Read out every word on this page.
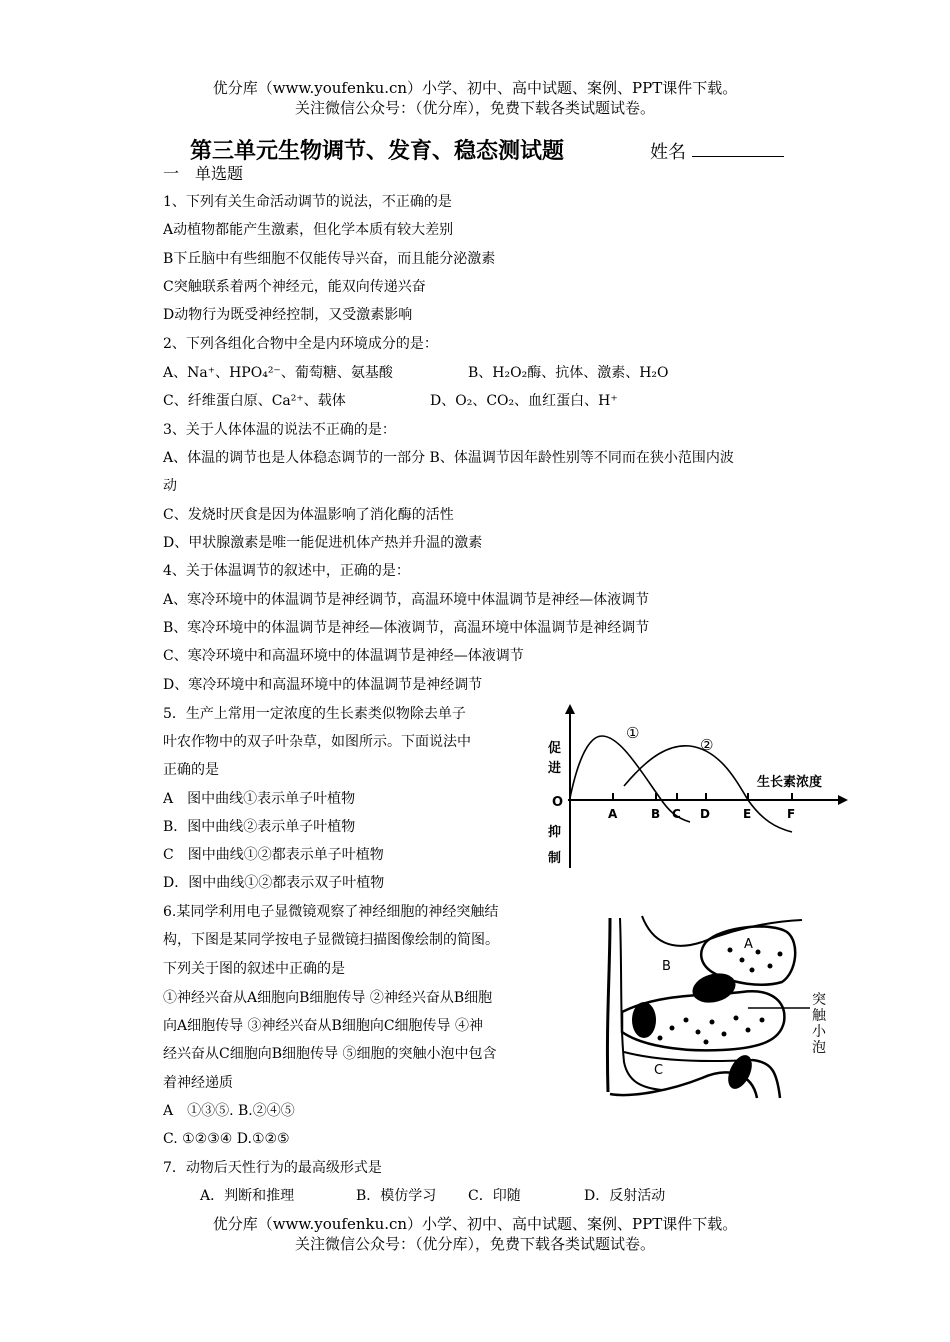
优分库（www.youfenku.cn）小学、初中、高中试题、案例、PPT课件下载。
关注微信公众号：（优分库），免费下载各类试题试卷。
第三单元生物调节、发育、稳态测试题	姓名
一　单选题
1、下列有关生命活动调节的说法，不正确的是
A动植物都能产生激素，但化学本质有较大差别
B下丘脑中有些细胞不仅能传导兴奋，而且能分泌激素
C突触联系着两个神经元，能双向传递兴奋
D动物行为既受神经控制，又受激素影响
2、下列各组化合物中全是内环境成分的是：
A、Na⁺、HPO₄²⁻、葡萄糖、氨基酸	B、H₂O₂酶、抗体、激素、H₂O
C、纤维蛋白原、Ca²⁺、载体	D、O₂、CO₂、血红蛋白、H⁺
3、关于人体体温的说法不正确的是：
A、体温的调节也是人体稳态调节的一部分 B、体温调节因年龄性别等不同而在狭小范围内波
动
C、发烧时厌食是因为体温影响了消化酶的活性
D、甲状腺激素是唯一能促进机体产热并升温的激素
4、关于体温调节的叙述中，正确的是：
A、寒冷环境中的体温调节是神经调节，高温环境中体温调节是神经—体液调节
B、寒冷环境中的体温调节是神经—体液调节，高温环境中体温调节是神经调节
C、寒冷环境中和高温环境中的体温调节是神经—体液调节
D、寒冷环境中和高温环境中的体温调节是神经调节
5．生产上常用一定浓度的生长素类似物除去单子
叶农作物中的双子叶杂草，如图所示。下面说法中
正确的是
A　图中曲线①表示单子叶植物
B．图中曲线②表示单子叶植物
C　图中曲线①②都表示单子叶植物
D．图中曲线①②都表示双子叶植物
促
进
O
抑
制
生长素浓度
①
②
A	B C D	E	F
6.某同学利用电子显微镜观察了神经细胞的神经突触结
构，下图是某同学按电子显微镜扫描图像绘制的简图。
下列关于图的叙述中正确的是
①神经兴奋从A细胞向B细胞传导 ②神经兴奋从B细胞
向A细胞传导 ③神经兴奋从B细胞向C细胞传导 ④神
经兴奋从C细胞向B细胞传导 ⑤细胞的突触小泡中包含
着神经递质
A　①③⑤. B.②④⑤
C. ①②③④ D.①②⑤
A
B
C
突
触
小
泡
7．动物后天性行为的最高级形式是
A．判断和推理	B．模仿学习 C．印随	D．反射活动
优分库（www.youfenku.cn）小学、初中、高中试题、案例、PPT课件下载。
关注微信公众号：（优分库），免费下载各类试题试卷。
